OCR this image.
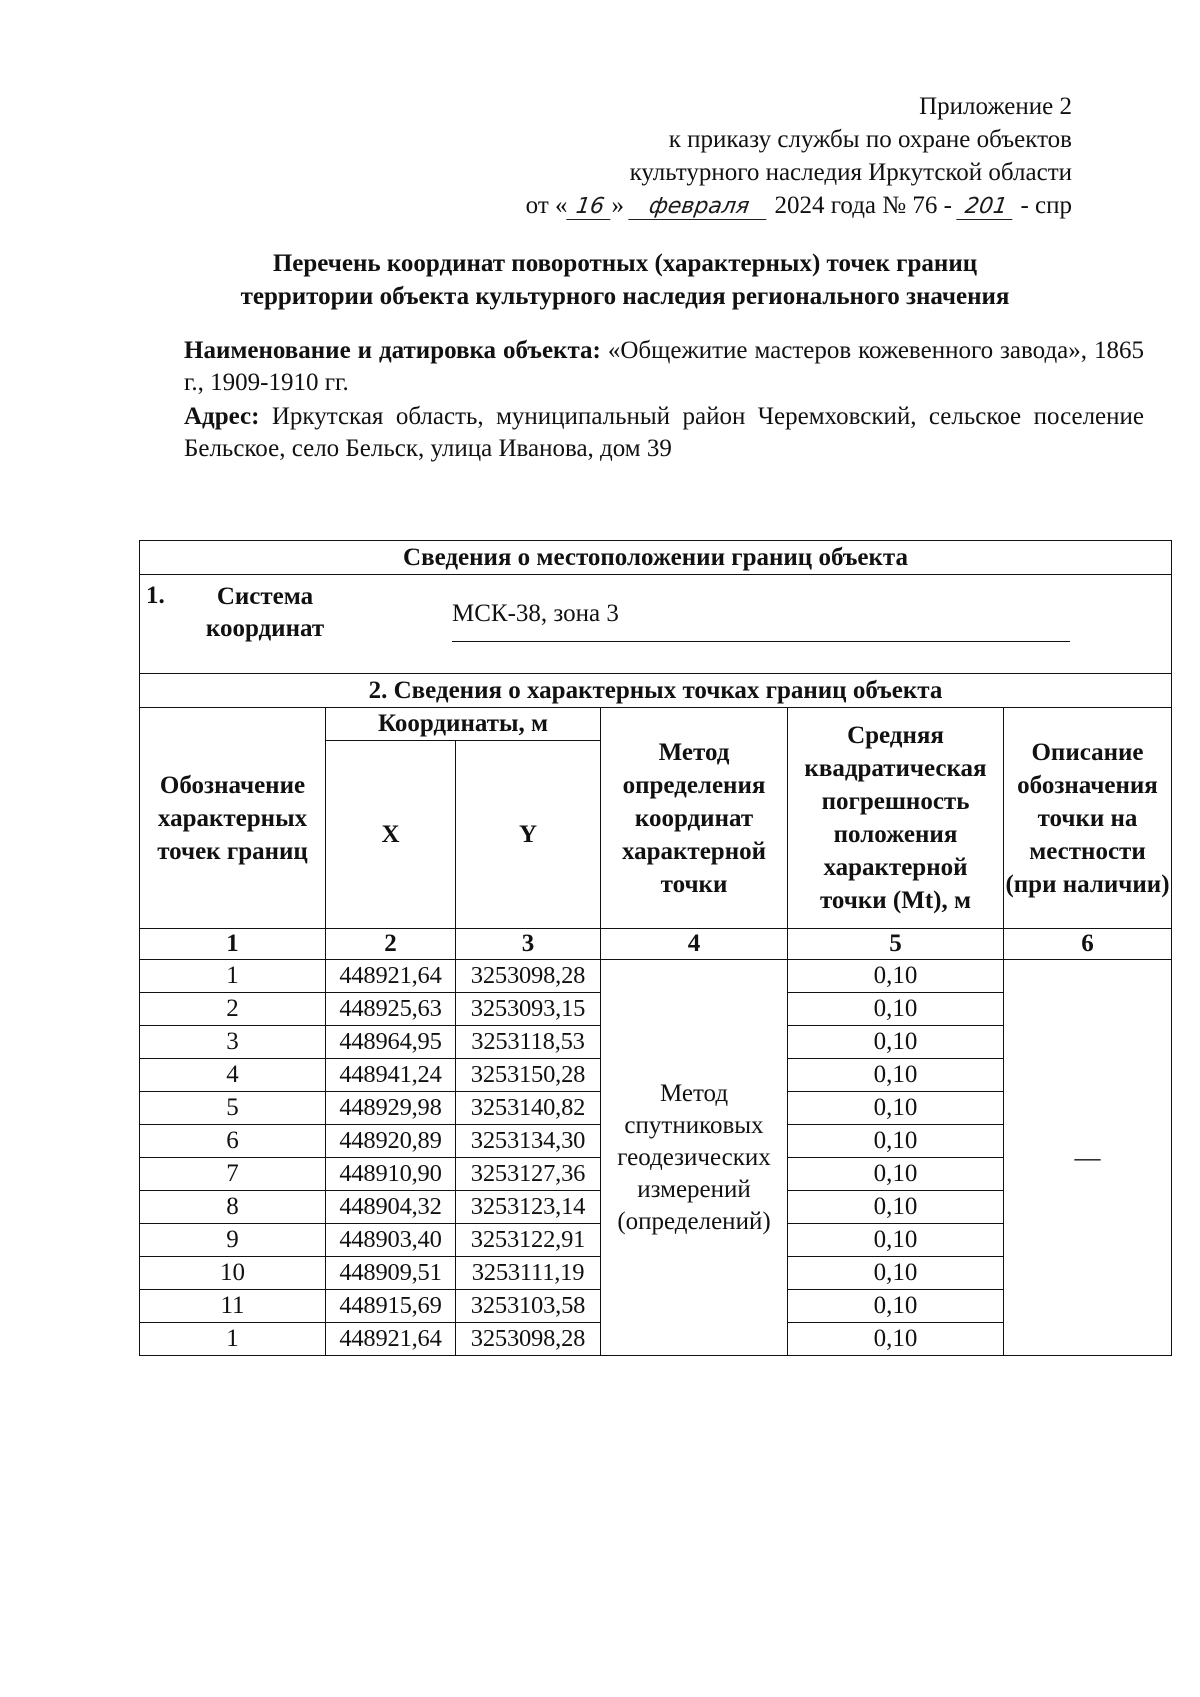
Приложение 2
к приказу службы по охране объектов
культурного наследия Иркутской области
от « 16 » февраля 2024 года № 76 - 201 - спр
Перечень координат поворотных (характерных) точек границ
территории объекта культурного наследия регионального значения

Наименование и датировка объекта: «Общежитие мастеров кожевенного завода», 1865 г., 1909-1910 гг.

Адрес: Иркутская область, муниципальный район Черемховский, сельское поселение Бельское, село Бельск, улица Иванова, дом 39

Сведения о местоположении границ объекта					

1. Система координат
МСК-38, зона 3					

2. Сведения о характерных точках границ объекта					
Обозначение характерных точек границ	Координаты, м		Метод определения координат характерной точки	Средняя квадратическая погрешность положения характерной точки (Mt), м	Описание обозначения точки на местности (при наличии)
	X	Y			
1	2	3	4	5	6
1	448921,64	3253098,28	Метод спутниковых геодезических измерений (определений)	0,10	—
2	448925,63	3253093,15		0,10	
3	448964,95	3253118,53		0,10	
4	448941,24	3253150,28		0,10	
5	448929,98	3253140,82		0,10	
6	448920,89	3253134,30		0,10	
7	448910,90	3253127,36		0,10	
8	448904,32	3253123,14		0,10	
9	448903,40	3253122,91		0,10	
10	448909,51	3253111,19		0,10	
11	448915,69	3253103,58		0,10	
1	448921,64	3253098,28		0,10	
